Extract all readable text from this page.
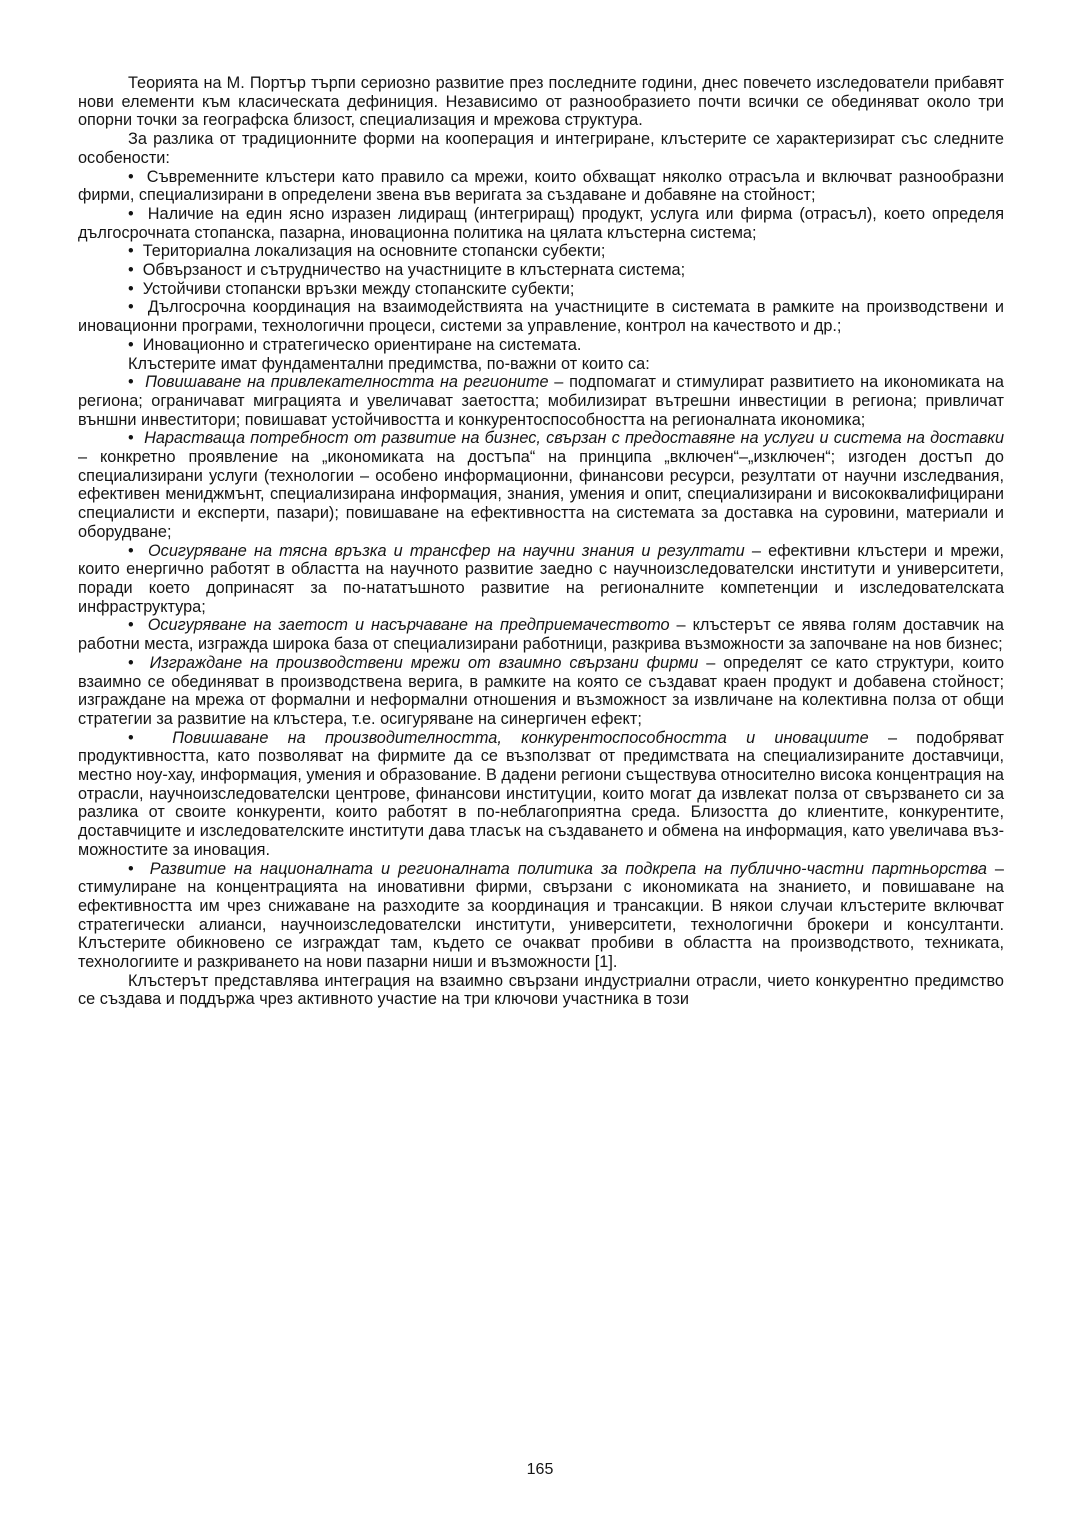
Теорията на М. Портър търпи сериозно развитие през последните години, днес повечето изследователи прибавят нови елементи към класическата дефиниция. Независимо от разнообразието почти всички се обединяват около три опорни точки за географска близост, специализация и мрежова структура.

За разлика от традиционните форми на кооперация и интегриране, клъстерите се характеризират със следните особености:

•  Съвременните клъстери като правило са мрежи, които обхващат няколко отрасъла и включват разнообразни фирми, специализирани в определени звена във веригата за създаване и добавяне на стойност;

•  Наличие на един ясно изразен лидиращ (интегриращ) продукт, услуга или фирма (отрасъл), което определя дългосрочната стопанска, пазарна, иновационна политика на цялата клъстерна система;

•  Териториална локализация на основните стопански субекти;

•  Обвързаност и сътрудничество на участниците в клъстерната система;

•  Устойчиви стопански връзки между стопанските субекти;

•  Дългосрочна координация на взаимодействията на участниците в системата в рамките на производствени и иновационни програми, технологични процеси, системи за управление, контрол на качеството и др.;

•  Иновационно и стратегическо ориентиране на системата.

Клъстерите имат фундаментални предимства, по-важни от които са:

•  Повишаване на привлекателността на регионите – подпомагат и стимулират развитието на икономиката на региона; ограничават миграцията и увеличават заетостта; мобилизират вътрешни инвестиции в региона; привличат външни инвеститори; повишават устойчивостта и конкурентоспособността на регионалната икономика;

•  Нарастваща потребност от развитие на бизнес, свързан с предоставяне на услуги и система на доставки – конкретно проявление на „икономиката на достъпа“ на принципа „включен“–„изключен“; изгоден достъп до специализирани услуги (технологии – особено информационни, финансови ресурси, резултати от научни изследвания, ефективен мениджмънт, специализирана информация, знания, умения и опит, специализирани и висококвалифицирани специалисти и експерти, пазари); повишаване на ефективността на системата за доставка на суровини, материали и оборудване;

•  Осигуряване на тясна връзка и трансфер на научни знания и резултати – ефективни клъстери и мрежи, които енергично работят в областта на научното развитие заедно с научноизследователски институти и университети, поради което допринасят за по-нататъшното развитие на регионалните компетенции и изследователската инфраструктура;

•  Осигуряване на заетост и насърчаване на предприемачеството – клъстерът се явява голям доставчик на работни места, изгражда широка база от специализирани работници, разкрива възможности за започване на нов бизнес;

•  Изграждане на производствени мрежи от взаимно свързани фирми – определят се като структури, които взаимно се обединяват в производствена верига, в рамките на която се създават краен продукт и добавена стойност; изграждане на мрежа от формални и неформални отношения и възможност за извличане на колективна полза от общи стратегии за развитие на клъстера, т.е. осигуряване на синергичен ефект;

•  Повишаване на производителността, конкурентоспособността и иновациите – подобряват продуктивността, като позволяват на фирмите да се възползват от предимствата на специализираните доставчици, местно ноу-хау, информация, умения и образование. В дадени региони съществува относително висока концентрация на отрасли, научноизследователски центрове, финансови институции, които могат да извлекат полза от свързването си за разлика от своите конкуренти, които работят в по-неблагоприятна среда. Близостта до клиентите, конкурентите, доставчиците и изследователските институти дава тласък на създаването и обмена на информация, като увеличава възможностите за иновация.

•  Развитие на националната и регионалната политика за подкрепа на публично-частни партньорства – стимулиране на концентрацията на иновативни фирми, свързани с икономиката на знанието, и повишаване на ефективността им чрез снижаване на разходите за координация и трансакции. В някои случаи клъстерите включват стратегически алианси, научноизследователски институти, университети, технологични брокери и консултанти. Клъстерите обикновено се изграждат там, където се очакват пробиви в областта на производството, техниката, технологиите и разкриването на нови пазарни ниши и възможности [1].

Клъстерът представлява интеграция на взаимно свързани индустриални отрасли, чието конкурентно предимство се създава и поддържа чрез активното участие на три ключови участника в този

165
